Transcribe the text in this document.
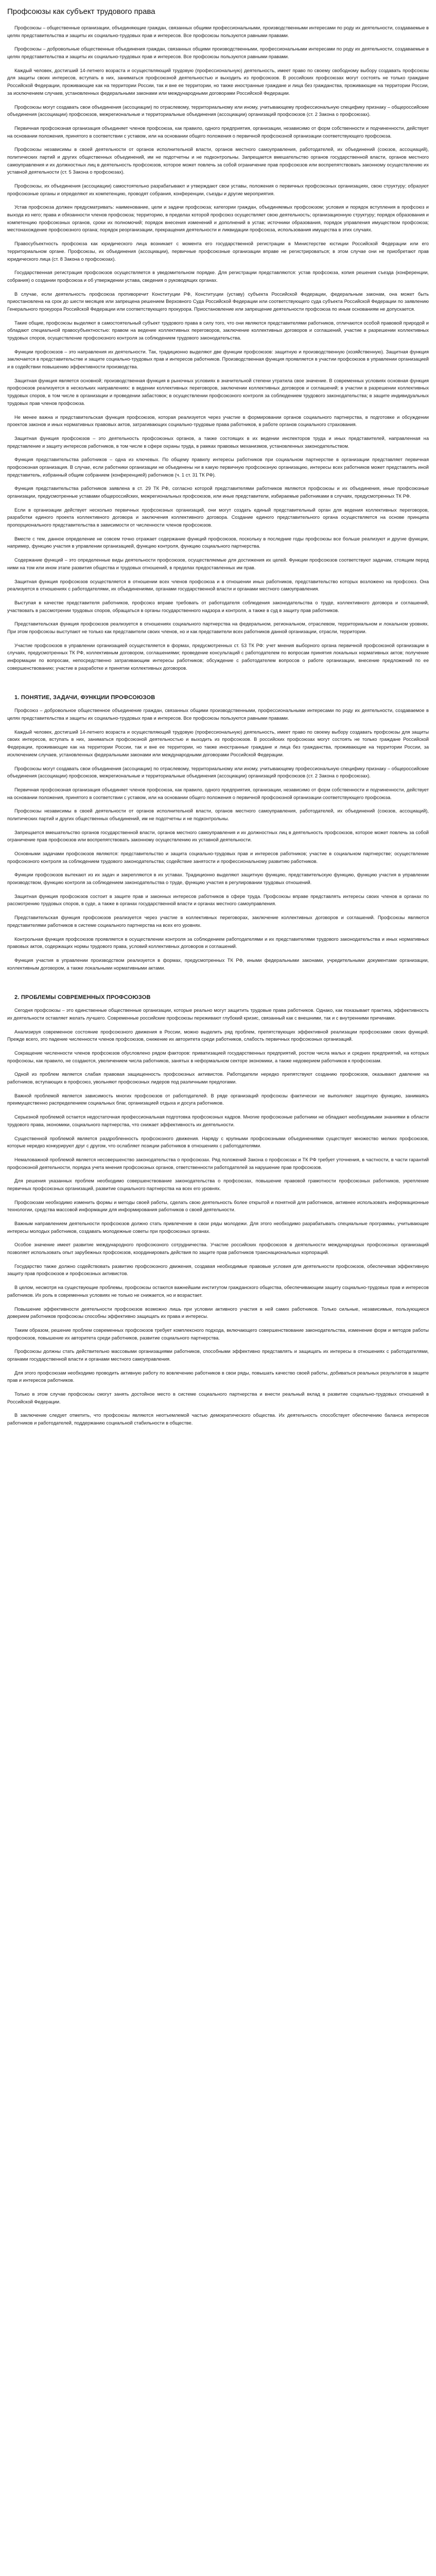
Профсоюзы как субъект трудового права

Профсоюзы – общественные организации, объединяющие граждан, связанных общими профессиональными, производственными интересами по роду их деятельности, создаваемые в целях представительства и защиты их социально-трудовых прав и интересов. Все профсоюзы пользуются равными правами.

Профсоюзы – добровольные общественные объединения граждан, связанных общими производственными, профессиональными интересами по роду их деятельности, создаваемые в целях представительства и защиты их социально-трудовых прав и интересов. Все профсоюзы пользуются равными правами.

Каждый человек, достигший 14-летнего возраста и осуществляющий трудовую (профессиональную) деятельность, имеет право по своему свободному выбору создавать профсоюзы для защиты своих интересов, вступать в них, заниматься профсоюзной деятельностью и выходить из профсоюзов. В российских профсоюзах могут состоять не только граждане Российской Федерации, проживающие как на территории России, так и вне ее территории, но также иностранные граждане и лица без гражданства, проживающие на территории России, за исключением случаев, установленных федеральными законами или международными договорами Российской Федерации.

Профсоюзы могут создавать свои объединения (ассоциации) по отраслевому, территориальному или иному, учитывающему профессиональную специфику признаку – общероссийские объединения (ассоциации) профсоюзов, межрегиональные и территориальные объединения (ассоциации) организаций профсоюзов (ст. 2 Закона о профсоюзах).

Первичная профсоюзная организация объединяет членов профсоюза, как правило, одного предприятия, организации, независимо от форм собственности и подчиненности, действует на основании положения, принятого в соответствии с уставом, или на основании общего положения о первичной профсоюзной организации соответствующего профсоюза.

Профсоюзы независимы в своей деятельности от органов исполнительной власти, органов местного самоуправления, работодателей, их объединений (союзов, ассоциаций), политических партий и других общественных объединений, им не подотчетны и не подконтрольны. Запрещается вмешательство органов государственной власти, органов местного самоуправления и их должностных лиц в деятельность профсоюзов, которое может повлечь за собой ограничение прав профсоюзов или воспрепятствовать законному осуществлению их уставной деятельности (ст. 5 Закона о профсоюзах).

Профсоюзы, их объединения (ассоциации) самостоятельно разрабатывают и утверждают свои уставы, положения о первичных профсоюзных организациях, свою структуру; образуют профсоюзные органы и определяют их компетенцию, проводят собрания, конференции, съезды и другие мероприятия.

Устав профсоюза должен предусматривать: наименование, цели и задачи профсоюза; категории граждан, объединяемых профсоюзом; условия и порядок вступления в профсоюз и выхода из него; права и обязанности членов профсоюза; территорию, в пределах которой профсоюз осуществляет свою деятельность; организационную структуру; порядок образования и компетенцию профсоюзных органов, сроки их полномочий; порядок внесения изменений и дополнений в устав; источники образования, порядок управления имуществом профсоюза; местонахождение профсоюзного органа; порядок реорганизации, прекращения деятельности и ликвидации профсоюза, использования имущества в этих случаях.

Правосубъектность профсоюза как юридического лица возникает с момента его государственной регистрации в Министерстве юстиции Российской Федерации или его территориальном органе. Профсоюзы, их объединения (ассоциации), первичные профсоюзные организации вправе не регистрироваться; в этом случае они не приобретают прав юридического лица (ст. 8 Закона о профсоюзах).

Государственная регистрация профсоюзов осуществляется в уведомительном порядке. Для регистрации представляются: устав профсоюза, копия решения съезда (конференции, собрания) о создании профсоюза и об утверждении устава, сведения о руководящих органах.

В случае, если деятельность профсоюза противоречит Конституции РФ, Конституции (уставу) субъекта Российской Федерации, федеральным законам, она может быть приостановлена на срок до шести месяцев или запрещена решением Верховного Суда Российской Федерации или соответствующего суда субъекта Российской Федерации по заявлению Генерального прокурора Российской Федерации или соответствующего прокурора. Приостановление или запрещение деятельности профсоюза по иным основаниям не допускается.

Такие общие, профсоюзы выделяют в самостоятельный субъект трудового права в силу того, что они являются представителями работников, отличаются особой правовой природой и обладают специальной правосубъектностью: правом на ведение коллективных переговоров, заключение коллективных договоров и соглашений, участие в разрешении коллективных трудовых споров, осуществление профсоюзного контроля за соблюдением трудового законодательства.

Функции профсоюзов – это направления их деятельности. Так, традиционно выделяют две функции профсоюзов: защитную и производственную (хозяйственную). Защитная функция заключается в представительстве и защите социально-трудовых прав и интересов работников. Производственная функция проявляется в участии профсоюзов в управлении организацией и в содействии повышению эффективности производства.

Защитная функция является основной; производственная функция в рыночных условиях в значительной степени утратила свое значение. В современных условиях основная функция профсоюзов реализуется в нескольких направлениях: в ведении коллективных переговоров, заключении коллективных договоров и соглашений; в участии в разрешении коллективных трудовых споров, в том числе в организации и проведении забастовок; в осуществлении профсоюзного контроля за соблюдением трудового законодательства; в защите индивидуальных трудовых прав членов профсоюза.

Не менее важна и представительская функция профсоюзов, которая реализуется через участие в формировании органов социального партнерства, в подготовке и обсуждении проектов законов и иных нормативных правовых актов, затрагивающих социально-трудовые права работников, в работе органов социального страхования.

Защитная функция профсоюзов – это деятельность профсоюзных органов, а также состоящих в их ведении инспекторов труда и иных представителей, направленная на представление и защиту интересов работников, в том числе в сфере охраны труда, в рамках правовых механизмов, установленных законодательством.

Функция представительства работников – одна из ключевых. По общему правилу интересы работников при социальном партнерстве в организации представляет первичная профсоюзная организация. В случае, если работники организации не объединены ни в какую первичную профсоюзную организацию, интересы всех работников может представлять иной представитель, избранный общим собранием (конференцией) работников (ч. 1 ст. 31 ТК РФ).

Функция представительства работников заявлена в ст. 29 ТК РФ, согласно которой представителями работников являются профсоюзы и их объединения, иные профсоюзные организации, предусмотренные уставами общероссийских, межрегиональных профсоюзов, или иные представители, избираемые работниками в случаях, предусмотренных ТК РФ.

Если в организации действует несколько первичных профсоюзных организаций, они могут создать единый представительный орган для ведения коллективных переговоров, разработки единого проекта коллективного договора и заключения коллективного договора. Создание единого представительного органа осуществляется на основе принципа пропорционального представительства в зависимости от численности членов профсоюзов.

Вместе с тем, данное определение не совсем точно отражает содержание функций профсоюзов, поскольку в последние годы профсоюзы все больше реализуют и другие функции, например, функцию участия в управлении организацией, функцию контроля, функцию социального партнерства.

Содержание функций – это определенные виды деятельности профсоюзов, осуществляемые для достижения их целей. Функции профсоюзов соответствуют задачам, стоящим перед ними на том или ином этапе развития общества и трудовых отношений, в пределах предоставленных им прав.

Защитная функция профсоюзов осуществляется в отношении всех членов профсоюза и в отношении иных работников, представительство которых возложено на профсоюз. Она реализуется в отношениях с работодателями, их объединениями, органами государственной власти и органами местного самоуправления.

Выступая в качестве представителя работников, профсоюз вправе требовать от работодателя соблюдения законодательства о труде, коллективного договора и соглашений, участвовать в рассмотрении трудовых споров, обращаться в органы государственного надзора и контроля, а также в суд в защиту прав работников.

Представительская функция профсоюзов реализуется в отношениях социального партнерства на федеральном, региональном, отраслевом, территориальном и локальном уровнях. При этом профсоюзы выступают не только как представители своих членов, но и как представители всех работников данной организации, отрасли, территории.

Участие профсоюзов в управлении организацией осуществляется в формах, предусмотренных ст. 53 ТК РФ: учет мнения выборного органа первичной профсоюзной организации в случаях, предусмотренных ТК РФ, коллективным договором, соглашениями; проведение консультаций с работодателем по вопросам принятия локальных нормативных актов; получение информации по вопросам, непосредственно затрагивающим интересы работников; обсуждение с работодателем вопросов о работе организации, внесение предложений по ее совершенствованию; участие в разработке и принятии коллективных договоров.

1. ПОНЯТИЕ, ЗАДАЧИ, ФУНКЦИИ ПРОФСОЮЗОВ

Профсоюз – добровольное общественное объединение граждан, связанных общими производственными, профессиональными интересами по роду их деятельности, создаваемое в целях представительства и защиты их социально-трудовых прав и интересов. Все профсоюзы пользуются равными правами.

Каждый человек, достигший 14-летнего возраста и осуществляющий трудовую (профессиональную) деятельность, имеет право по своему выбору создавать профсоюзы для защиты своих интересов, вступать в них, заниматься профсоюзной деятельностью и выходить из профсоюзов. В российских профсоюзах могут состоять не только граждане Российской Федерации, проживающие как на территории России, так и вне ее территории, но также иностранные граждане и лица без гражданства, проживающие на территории России, за исключением случаев, установленных федеральными законами или международными договорами Российской Федерации.

Профсоюзы могут создавать свои объединения (ассоциации) по отраслевому, территориальному или иному, учитывающему профессиональную специфику признаку – общероссийские объединения (ассоциации) профсоюзов, межрегиональные и территориальные объединения (ассоциации) организаций профсоюзов (ст. 2 Закона о профсоюзах).

Первичная профсоюзная организация объединяет членов профсоюза, как правило, одного предприятия, организации, независимо от форм собственности и подчиненности, действует на основании положения, принятого в соответствии с уставом, или на основании общего положения о первичной профсоюзной организации соответствующего профсоюза.

Профсоюзы независимы в своей деятельности от органов исполнительной власти, органов местного самоуправления, работодателей, их объединений (союзов, ассоциаций), политических партий и других общественных объединений, им не подотчетны и не подконтрольны.

Запрещается вмешательство органов государственной власти, органов местного самоуправления и их должностных лиц в деятельность профсоюзов, которое может повлечь за собой ограничение прав профсоюзов или воспрепятствовать законному осуществлению их уставной деятельности.

Основными задачами профсоюзов являются: представительство и защита социально-трудовых прав и интересов работников; участие в социальном партнерстве; осуществление профсоюзного контроля за соблюдением трудового законодательства; содействие занятости и профессиональному развитию работников.

Функции профсоюзов вытекают из их задач и закрепляются в их уставах. Традиционно выделяют защитную функцию, представительскую функцию, функцию участия в управлении производством, функцию контроля за соблюдением законодательства о труде, функцию участия в регулировании трудовых отношений.

Защитная функция профсоюзов состоит в защите прав и законных интересов работников в сфере труда. Профсоюзы вправе представлять интересы своих членов в органах по рассмотрению трудовых споров, в суде, а также в органах государственной власти и органах местного самоуправления.

Представительская функция профсоюзов реализуется через участие в коллективных переговорах, заключение коллективных договоров и соглашений. Профсоюзы являются представителями работников в системе социального партнерства на всех его уровнях.

Контрольная функция профсоюзов проявляется в осуществлении контроля за соблюдением работодателями и их представителями трудового законодательства и иных нормативных правовых актов, содержащих нормы трудового права, условий коллективных договоров и соглашений.

Функция участия в управлении производством реализуется в формах, предусмотренных ТК РФ, иными федеральными законами, учредительными документами организации, коллективным договором, а также локальными нормативными актами.

2. ПРОБЛЕМЫ СОВРЕМЕННЫХ ПРОФСОЮЗОВ

Сегодня профсоюзы – это единственные общественные организации, которые реально могут защитить трудовые права работников. Однако, как показывает практика, эффективность их деятельности оставляет желать лучшего. Современные российские профсоюзы переживают глубокий кризис, связанный как с внешними, так и с внутренними причинами.

Анализируя современное состояние профсоюзного движения в России, можно выделить ряд проблем, препятствующих эффективной реализации профсоюзами своих функций. Прежде всего, это падение численности членов профсоюзов, снижение их авторитета среди работников, слабость первичных профсоюзных организаций.

Сокращение численности членов профсоюзов обусловлено рядом факторов: приватизацией государственных предприятий, ростом числа малых и средних предприятий, на которых профсоюзы, как правило, не создаются, увеличением числа работников, занятых в неформальном секторе экономики, а также недоверием работников к профсоюзам.

Одной из проблем является слабая правовая защищенность профсоюзных активистов. Работодатели нередко препятствуют созданию профсоюзов, оказывают давление на работников, вступающих в профсоюз, увольняют профсоюзных лидеров под различными предлогами.

Важной проблемой является зависимость многих профсоюзов от работодателей. В ряде организаций профсоюзы фактически не выполняют защитную функцию, занимаясь преимущественно распределением социальных благ, организацией отдыха и досуга работников.

Серьезной проблемой остается недостаточная профессиональная подготовка профсоюзных кадров. Многие профсоюзные работники не обладают необходимыми знаниями в области трудового права, экономики, социального партнерства, что снижает эффективность их деятельности.

Существенной проблемой является раздробленность профсоюзного движения. Наряду с крупными профсоюзными объединениями существует множество мелких профсоюзов, которые нередко конкурируют друг с другом, что ослабляет позиции работников в отношениях с работодателями.

Немаловажной проблемой является несовершенство законодательства о профсоюзах. Ряд положений Закона о профсоюзах и ТК РФ требует уточнения, в частности, в части гарантий профсоюзной деятельности, порядка учета мнения профсоюзных органов, ответственности работодателей за нарушение прав профсоюзов.

Для решения указанных проблем необходимо совершенствование законодательства о профсоюзах, повышение правовой грамотности профсоюзных работников, укрепление первичных профсоюзных организаций, развитие социального партнерства на всех его уровнях.

Профсоюзам необходимо изменить формы и методы своей работы, сделать свою деятельность более открытой и понятной для работников, активнее использовать информационные технологии, средства массовой информации для информирования работников о своей деятельности.

Важным направлением деятельности профсоюзов должно стать привлечение в свои ряды молодежи. Для этого необходимо разрабатывать специальные программы, учитывающие интересы молодых работников, создавать молодежные советы при профсоюзных органах.

Особое значение имеет развитие международного профсоюзного сотрудничества. Участие российских профсоюзов в деятельности международных профсоюзных организаций позволяет использовать опыт зарубежных профсоюзов, координировать действия по защите прав работников транснациональных корпораций.

Государство также должно содействовать развитию профсоюзного движения, создавая необходимые правовые условия для деятельности профсоюзов, обеспечивая эффективную защиту прав профсоюзов и профсоюзных активистов.

В целом, несмотря на существующие проблемы, профсоюзы остаются важнейшим институтом гражданского общества, обеспечивающим защиту социально-трудовых прав и интересов работников. Их роль в современных условиях не только не снижается, но и возрастает.

Повышение эффективности деятельности профсоюзов возможно лишь при условии активного участия в ней самих работников. Только сильные, независимые, пользующиеся доверием работников профсоюзы способны эффективно защищать их права и интересы.

Таким образом, решение проблем современных профсоюзов требует комплексного подхода, включающего совершенствование законодательства, изменение форм и методов работы профсоюзов, повышение их авторитета среди работников, развитие социального партнерства.

Профсоюзы должны стать действительно массовыми организациями работников, способными эффективно представлять и защищать их интересы в отношениях с работодателями, органами государственной власти и органами местного самоуправления.

Для этого профсоюзам необходимо проводить активную работу по вовлечению работников в свои ряды, повышать качество своей работы, добиваться реальных результатов в защите прав и интересов работников.

Только в этом случае профсоюзы смогут занять достойное место в системе социального партнерства и внести реальный вклад в развитие социально-трудовых отношений в Российской Федерации.

В заключение следует отметить, что профсоюзы являются неотъемлемой частью демократического общества. Их деятельность способствует обеспечению баланса интересов работников и работодателей, поддержанию социальной стабильности в обществе.
